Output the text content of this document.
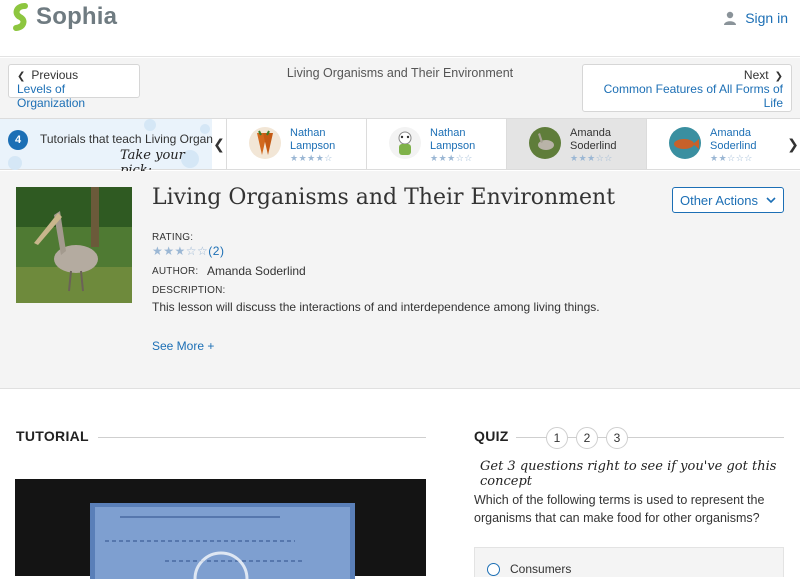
Sophia	Sign in
❮ Previous
Levels of Organization
Living Organisms and Their Environment	Next ❯
Common Features of All Forms of
Life
4	Tutorials that teach Living Organ
Take your
❮
Nathan
Lampson
★★★★☆
Nathan
Lampson
★★★☆☆
Amanda
Soderlind
★★★☆☆
Amanda
Soderlind
★★☆☆☆
❯
Living Organisms and Their Environment	Other Actions
RATING:
★★★☆☆(2)
AUTHOR: Amanda Soderlind
DESCRIPTION:
This lesson will discuss the interactions of and interdependence among living things.
See More +
TUTORIAL	QUIZ	1	2	3
Get 3 questions right to see if you've got this concept
Which of the following terms is used to represent the organisms that can make food for other organisms?
Consumers
